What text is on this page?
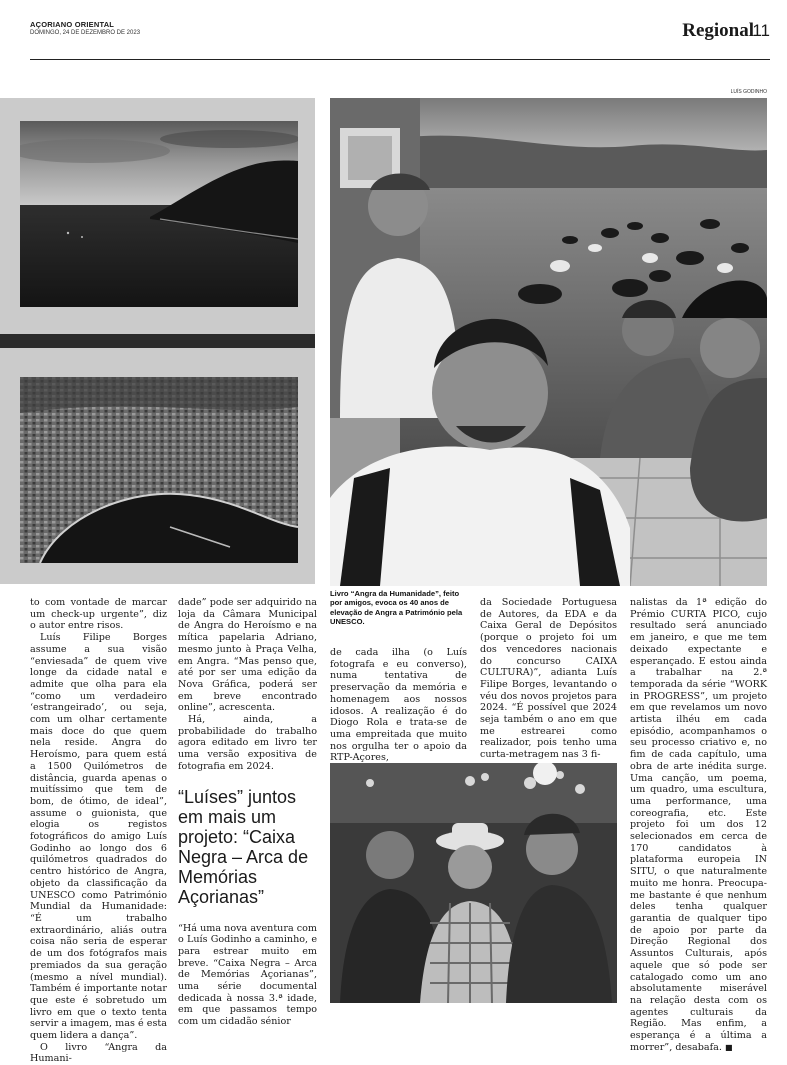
AÇORIANO ORIENTAL
DOMINGO, 24 DE DEZEMBRO DE 2023	Regional
11
LUÍS GODINHO

to com vontade de marcar um check-up urgente”, diz o autor entre risos.

Luís Filipe Borges assume a sua visão “enviesada” de quem vive longe da cidade natal e admite que olha para ela “como um verdadeiro ‘estrangeirado’, ou seja, com um olhar certamente mais doce do que quem nela reside. Angra do Heroísmo, para quem está a 1500 Quilómetros de distância, guarda apenas o muitíssimo que tem de bom, de ótimo, de ideal”, assume o guionista, que elogia os registos fotográficos do amigo Luís Godinho ao longo dos 6 quilómetros quadrados do centro histórico de Angra, objeto da classificação da UNESCO como Património Mundial da Humanidade: “É um trabalho extraordinário, aliás outra coisa não seria de esperar de um dos fotógrafos mais premiados da sua geração (mesmo a nível mundial). Também é importante notar que este é sobretudo um livro em que o texto tenta servir a imagem, mas é esta quem lidera a dança”.

O livro “Angra da Humani-

dade” pode ser adquirido na loja da Câmara Municipal de Angra do Heroísmo e na mítica papelaria Adriano, mesmo junto à Praça Velha, em Angra. “Mas penso que, até por ser uma edição da Nova Gráfica, poderá ser em breve encontrado online”, acrescenta.

Há, ainda, a probabilidade do trabalho agora editado em livro ter uma versão expositiva de fotografia em 2024.

“Luíses” juntos em mais um projeto: “Caixa Negra – Arca de Memórias Açorianas”

“Há uma nova aventura com o Luís Godinho a caminho, e para estrear muito em breve. “Caixa Negra – Arca de Memórias Açorianas”, uma série documental dedicada à nossa 3.ª idade, em que passamos tempo com um cidadão sénior

Livro “Angra da Humanidade”, feito por amigos, evoca os 40 anos de elevação de Angra a Património pela UNESCO.

de cada ilha (o Luís fotografa e eu converso), numa tentativa de preservação da memória e homenagem aos nossos idosos. A realização é do Diogo Rola e trata-se de uma empreitada que muito nos orgulha ter o apoio da RTP-Açores,

da Sociedade Portuguesa de Autores, da EDA e da Caixa Geral de Depósitos (porque o projeto foi um dos vencedores nacionais do concurso CAIXA CULTURA)”, adianta Luís Filipe Borges, levantando o véu dos novos projetos para 2024. “É possível que 2024 seja também o ano em que me estrearei como realizador, pois tenho uma curta-metragem nas 3 fi-

nalistas da 1ª edição do Prémio CURTA PICO, cujo resultado será anunciado em janeiro, e que me tem deixado expectante e esperançado. E estou ainda a trabalhar na 2.ª temporada da série “WORK in PROGRESS”, um projeto em que revelamos um novo artista ilhéu em cada episódio, acompanhamos o seu processo criativo e, no fim de cada capítulo, uma obra de arte inédita surge. Uma canção, um poema, um quadro, uma escultura, uma performance, uma coreografia, etc. Este projeto foi um dos 12 selecionados em cerca de 170 candidatos à plataforma europeia IN SITU, o que naturalmente muito me honra. Preocupa-me bastante é que nenhum deles tenha qualquer garantia de qualquer tipo de apoio por parte da Direção Regional dos Assuntos Culturais, após aquele que só pode ser catalogado como um ano absolutamente miserável na relação desta com os agentes culturais da Região. Mas enfim, a esperança é a última a morrer”, desabafa. ■
